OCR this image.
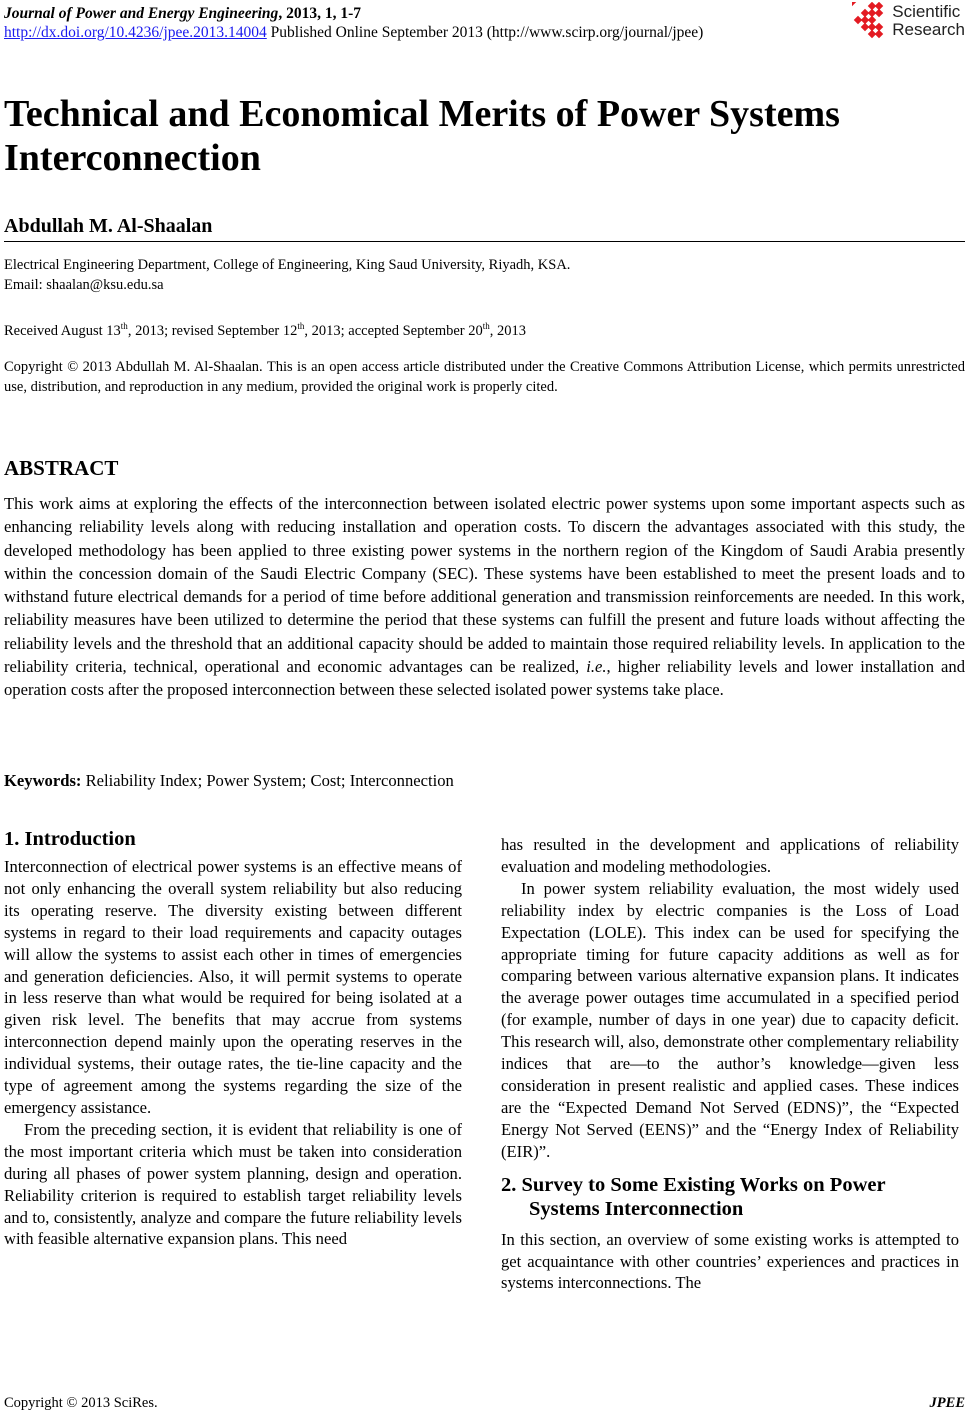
Journal of Power and Energy Engineering, 2013, 1, 1-7
http://dx.doi.org/10.4236/jpee.2013.14004 Published Online September 2013 (http://www.scirp.org/journal/jpee)
Scientific
Research
Technical and Economical Merits of Power Systems Interconnection
Abdullah M. Al-Shaalan
Electrical Engineering Department, College of Engineering, King Saud University, Riyadh, KSA.
Email: shaalan@ksu.edu.sa
Received August 13th, 2013; revised September 12th, 2013; accepted September 20th, 2013
Copyright © 2013 Abdullah M. Al-Shaalan. This is an open access article distributed under the Creative Commons Attribution License, which permits unrestricted use, distribution, and reproduction in any medium, provided the original work is properly cited.
ABSTRACT
This work aims at exploring the effects of the interconnection between isolated electric power systems upon some important aspects such as enhancing reliability levels along with reducing installation and operation costs. To discern the advantages associated with this study, the developed methodology has been applied to three existing power systems in the northern region of the Kingdom of Saudi Arabia presently within the concession domain of the Saudi Electric Company (SEC). These systems have been established to meet the present loads and to withstand future electrical demands for a period of time before additional generation and transmission reinforcements are needed. In this work, reliability measures have been utilized to determine the period that these systems can fulfill the present and future loads without affecting the reliability levels and the threshold that an additional capacity should be added to maintain those required reliability levels. In application to the reliability criteria, technical, operational and economic advantages can be realized, i.e., higher reliability levels and lower installation and operation costs after the proposed interconnection between these selected isolated power systems take place.
Keywords: Reliability Index; Power System; Cost; Interconnection
1. Introduction

Interconnection of electrical power systems is an effective means of not only enhancing the overall system reliability but also reducing its operating reserve. The diversity existing between different systems in regard to their load requirements and capacity outages will allow the systems to assist each other in times of emergencies and generation deficiencies. Also, it will permit systems to operate in less reserve than what would be required for being isolated at a given risk level. The benefits that may accrue from systems interconnection depend mainly upon the operating reserves in the individual systems, their outage rates, the tie-line capacity and the type of agreement among the systems regarding the size of the emergency assistance.

From the preceding section, it is evident that reliability is one of the most important criteria which must be taken into consideration during all phases of power system planning, design and operation. Reliability criterion is required to establish target reliability levels and to, consistently, analyze and compare the future reliability levels with feasible alternative expansion plans. This need

has resulted in the development and applications of reliability evaluation and modeling methodologies.

In power system reliability evaluation, the most widely used reliability index by electric companies is the Loss of Load Expectation (LOLE). This index can be used for specifying the appropriate timing for future capacity additions as well as for comparing between various alternative expansion plans. It indicates the average power outages time accumulated in a specified period (for example, number of days in one year) due to capacity deficit. This research will, also, demonstrate other complementary reliability indices that are—to the author’s knowledge—given less consideration in present realistic and applied cases. These indices are the “Expected Demand Not Served (EDNS)”, the “Expected Energy Not Served (EENS)” and the “Energy Index of Reliability (EIR)”.

2. Survey to Some Existing Works on Power Systems Interconnection

In this section, an overview of some existing works is attempted to get acquaintance with other countries’ experiences and practices in systems interconnections. The

Copyright © 2013 SciRes.	JPEE
